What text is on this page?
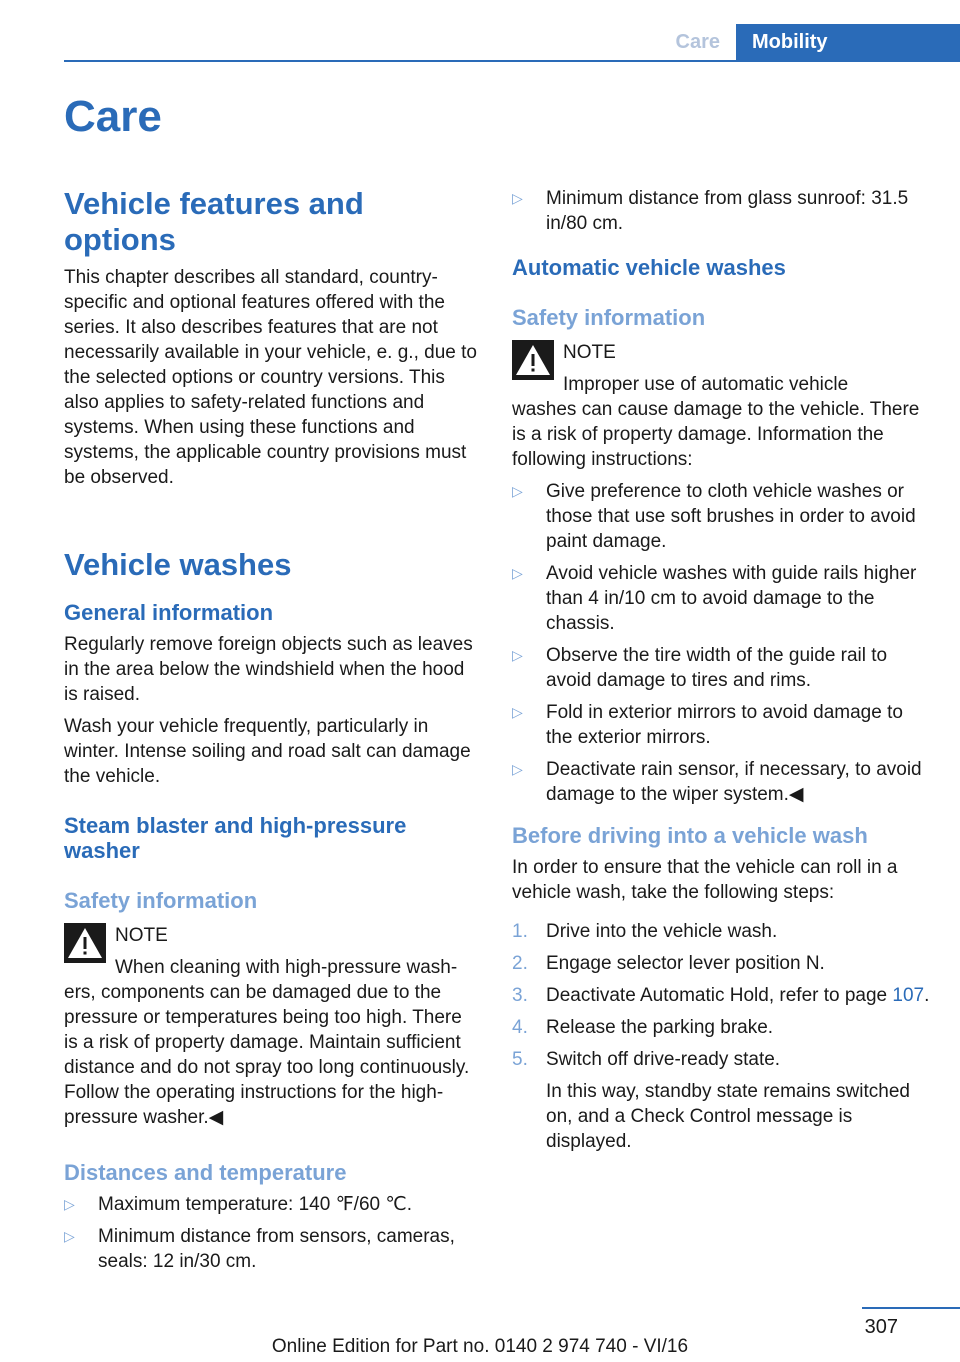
Care	Mobility
Care
Vehicle features and options

This chapter describes all standard, country-specific and optional features offered with the series. It also describes features that are not necessarily available in your vehicle, e. g., due to the selected options or country versions. This also applies to safety-related functions and systems. When using these functions and systems, the applicable country provisions must be observed.

Vehicle washes
General information

Regularly remove foreign objects such as leaves in the area below the windshield when the hood is raised.

Wash your vehicle frequently, particularly in winter. Intense soiling and road salt can damage the vehicle.

Steam blaster and high-pressure washer
Safety information

NOTE

When cleaning with high-pressure wash-

ers, components can be damaged due to the pressure or temperatures being too high. There is a risk of property damage. Maintain sufficient distance and do not spray too long continuously. Follow the operating instructions for the high-pressure washer.◀

Distances and temperature
▷ Maximum temperature: 140 ℉/60 ℃.
▷ Minimum distance from sensors, cameras, seals: 12 in/30 cm.
▷ Minimum distance from glass sunroof: 31.5 in/80 cm.
Automatic vehicle washes
Safety information

NOTE

Improper use of automatic vehicle

washes can cause damage to the vehicle. There is a risk of property damage. Information the following instructions:

▷ Give preference to cloth vehicle washes or those that use soft brushes in order to avoid paint damage.
▷ Avoid vehicle washes with guide rails higher than 4 in/10 cm to avoid damage to the chassis.
▷ Observe the tire width of the guide rail to avoid damage to tires and rims.
▷ Fold in exterior mirrors to avoid damage to the exterior mirrors.
▷ Deactivate rain sensor, if necessary, to avoid damage to the wiper system.◀
Before driving into a vehicle wash

In order to ensure that the vehicle can roll in a vehicle wash, take the following steps:

1. Drive into the vehicle wash.
2. Engage selector lever position N.
3. Deactivate Automatic Hold, refer to page 107.
4. Release the parking brake.
5. Switch off drive-ready state.

In this way, standby state remains switched on, and a Check Control message is displayed.

307
Online Edition for Part no. 0140 2 974 740 - VI/16
